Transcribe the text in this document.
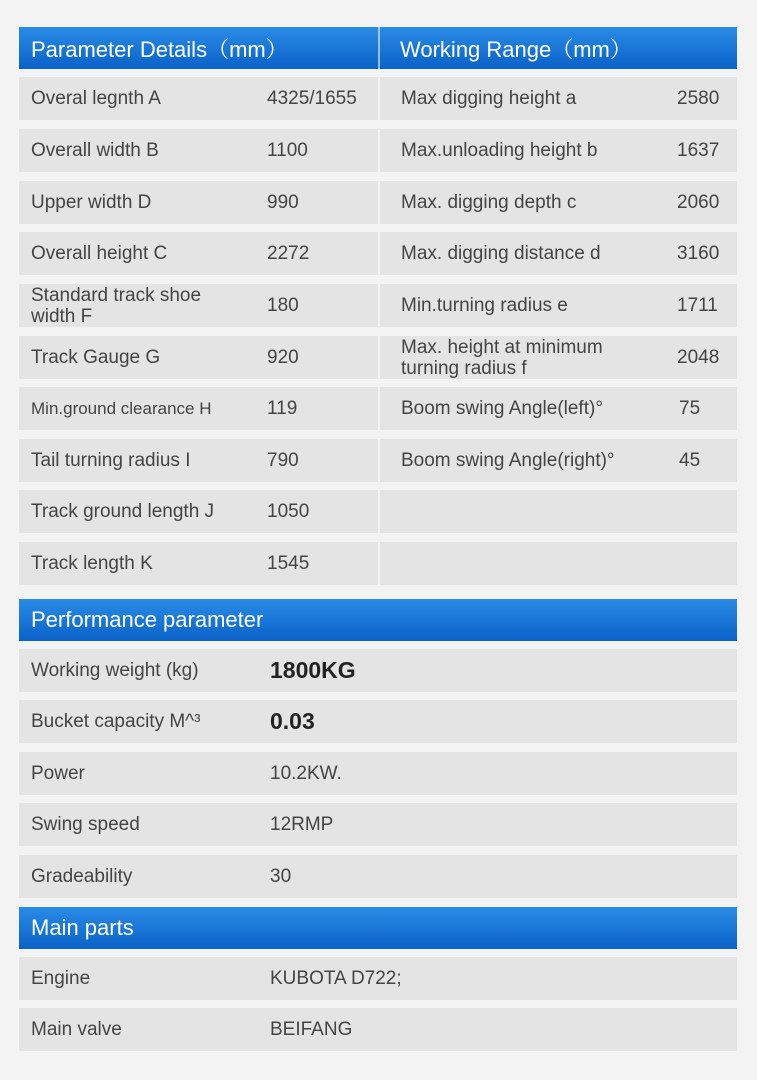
Parameter Details（mm）	Working Range（mm）
Overal legnth A	4325/1655 Max digging height a	2580
Overall width B	1100	Max.unloading height b	1637
Upper width D	990	Max. digging depth c	2060
Overall height C	2272	Max. digging distance d	3160
Standard track shoe width F	180	Min.turning radius e	1711
Track Gauge G	920	Max. height at minimum turning radius f	2048
Min.ground clearance H	119	Boom swing Angle(left)°	75
Tail turning radius I	790	Boom swing Angle(right)°	45
Track ground length J	1050
Track length K	1545
Performance parameter
Working weight (kg)	1800KG
Bucket capacity M^³	0.03
Power	10.2KW.
Swing speed	12RMP
Gradeability	30
Main parts
Engine	KUBOTA D722;
Main valve	BEIFANG
